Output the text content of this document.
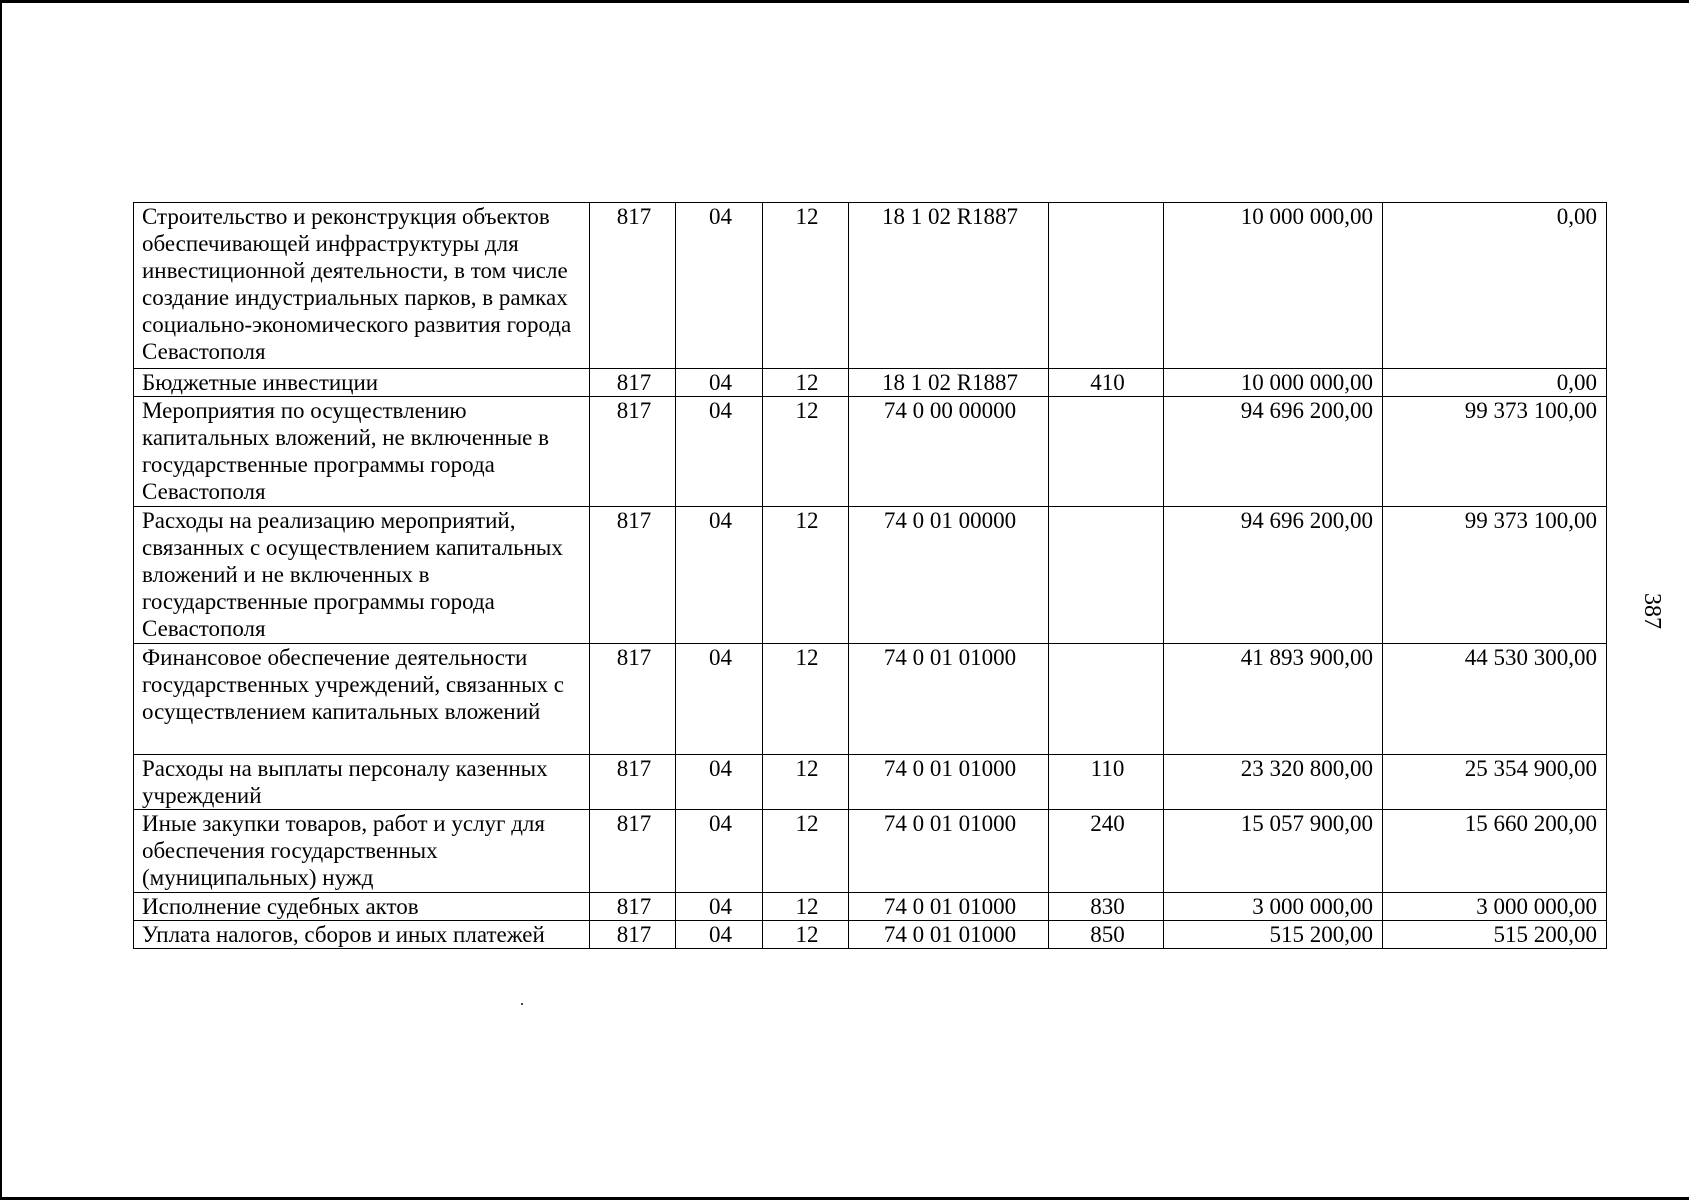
Строительство и реконструкция объектов обеспечивающей инфраструктуры для инвестиционной деятельности, в том числе создание индустриальных парков, в рамках социально-экономического развития города Севастополя	817	04	12	18 1 02 R1887		10 000 000,00	0,00
Бюджетные инвестиции	817	04	12	18 1 02 R1887	410	10 000 000,00	0,00
Мероприятия по осуществлению капитальных вложений, не включенные в государственные программы города Севастополя	817	04	12	74 0 00 00000		94 696 200,00	99 373 100,00
Расходы на реализацию мероприятий, связанных с осуществлением капитальных вложений и не включенных в государственные программы города Севастополя	817	04	12	74 0 01 00000		94 696 200,00	99 373 100,00
Финансовое обеспечение деятельности государственных учреждений, связанных с осуществлением капитальных вложений	817	04	12	74 0 01 01000		41 893 900,00	44 530 300,00
Расходы на выплаты персоналу казенных учреждений	817	04	12	74 0 01 01000	110	23 320 800,00	25 354 900,00
Иные закупки товаров, работ и услуг для обеспечения государственных (муниципальных) нужд	817	04	12	74 0 01 01000	240	15 057 900,00	15 660 200,00
Исполнение судебных актов	817	04	12	74 0 01 01000	830	3 000 000,00	3 000 000,00
Уплата налогов, сборов и иных платежей	817	04	12	74 0 01 01000	850	515 200,00	515 200,00
387
